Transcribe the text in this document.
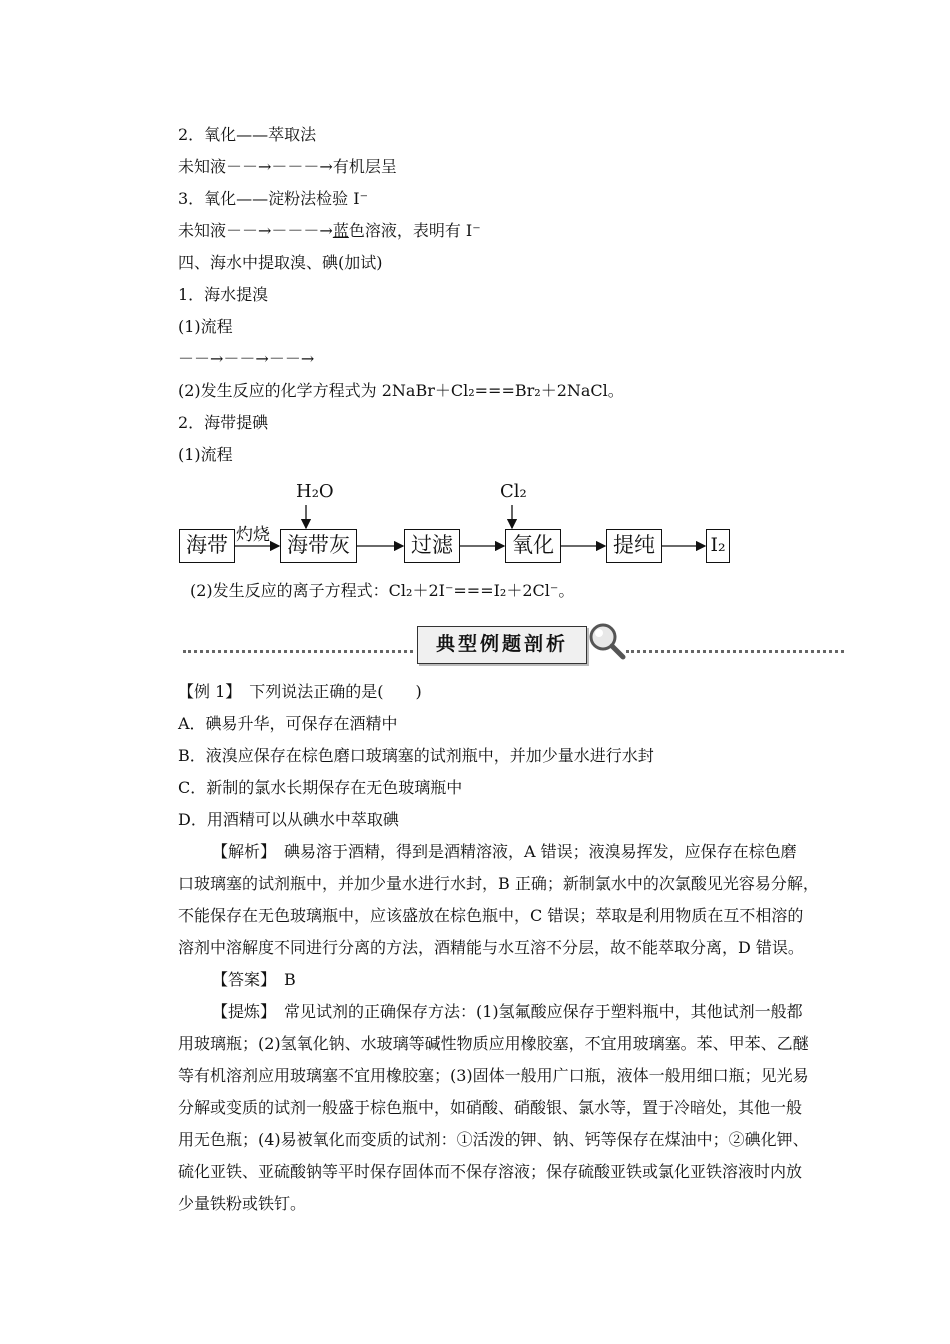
2．氧化——萃取法
未知液－－→－－－→有机层呈
3．氧化——淀粉法检验 I⁻
未知液－－→－－－→蓝色溶液，表明有 I⁻
四、海水中提取溴、碘(加试)
1．海水提溴
(1)流程
－－→－－→－－→
(2)发生反应的化学方程式为 2NaBr＋Cl₂===Br₂＋2NaCl。
2．海带提碘
(1)流程
H₂O	Cl₂
灼烧
海带	海带灰	过滤	氧化	提纯	I₂
(2)发生反应的离子方程式：Cl₂＋2I⁻===I₂＋2Cl⁻。
典型例题剖析
【例 1】　下列说法正确的是(　　)
A．碘易升华，可保存在酒精中
B．液溴应保存在棕色磨口玻璃塞的试剂瓶中，并加少量水进行水封
C．新制的氯水长期保存在无色玻璃瓶中
D．用酒精可以从碘水中萃取碘
【解析】　碘易溶于酒精，得到是酒精溶液，A 错误；液溴易挥发，应保存在棕色磨
口玻璃塞的试剂瓶中，并加少量水进行水封，B 正确；新制氯水中的次氯酸见光容易分解，
不能保存在无色玻璃瓶中，应该盛放在棕色瓶中，C 错误；萃取是利用物质在互不相溶的
溶剂中溶解度不同进行分离的方法，酒精能与水互溶不分层，故不能萃取分离，D 错误。
【答案】　B
【提炼】　常见试剂的正确保存方法：(1)氢氟酸应保存于塑料瓶中，其他试剂一般都
用玻璃瓶；(2)氢氧化钠、水玻璃等碱性物质应用橡胶塞，不宜用玻璃塞。苯、甲苯、乙醚
等有机溶剂应用玻璃塞不宜用橡胶塞；(3)固体一般用广口瓶，液体一般用细口瓶；见光易
分解或变质的试剂一般盛于棕色瓶中，如硝酸、硝酸银、氯水等，置于冷暗处，其他一般
用无色瓶；(4)易被氧化而变质的试剂：①活泼的钾、钠、钙等保存在煤油中；②碘化钾、
硫化亚铁、亚硫酸钠等平时保存固体而不保存溶液；保存硫酸亚铁或氯化亚铁溶液时内放
少量铁粉或铁钉。
